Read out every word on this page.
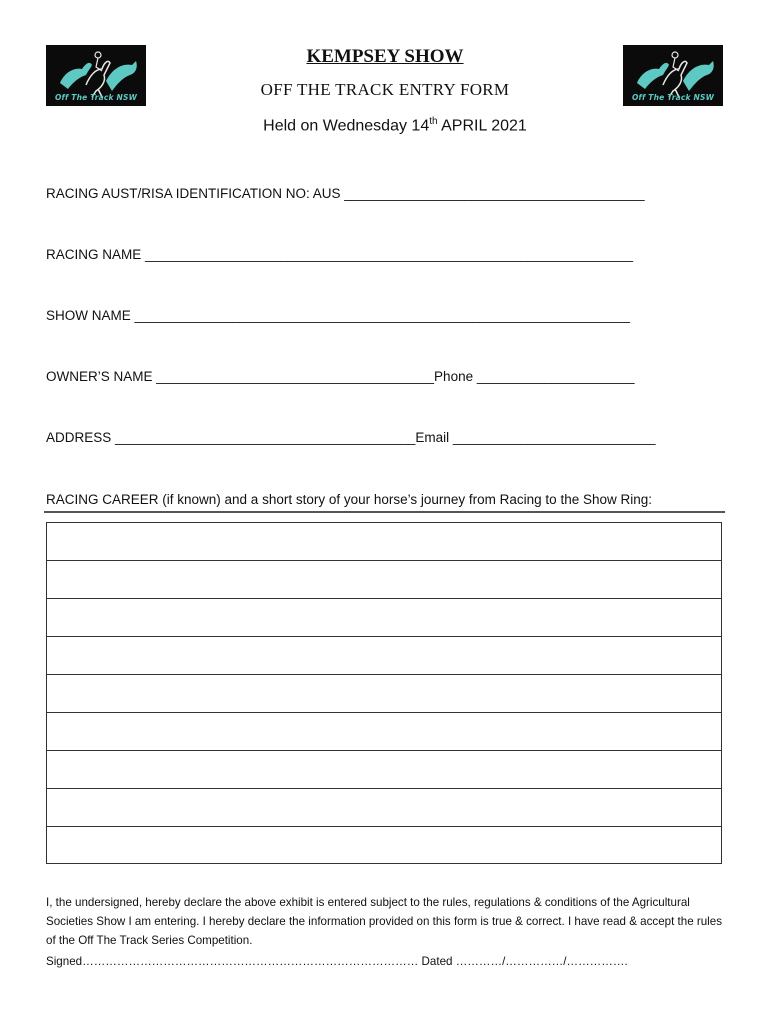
Off The Track NSW	Off The Track NSW
KEMPSEY SHOW
OFF THE TRACK ENTRY FORM
Held on Wednesday 14th APRIL 2021
RACING AUST/RISA IDENTIFICATION NO: AUS ________________________________________
RACING NAME _________________________________________________________________
SHOW NAME __________________________________________________________________
OWNER’S NAME _____________________________________Phone _____________________
ADDRESS ________________________________________Email ___________________________
RACING CAREER (if known) and a short story of your horse’s journey from Racing to the Show Ring:
I, the undersigned, hereby declare the above exhibit is entered subject to the rules, regulations & conditions of the Agricultural Societies Show I am entering. I hereby declare the information provided on this form is true & correct. I have read & accept the rules of the Off The Track Series Competition.
Signed…………………………………………………………………………… Dated …………/……………/…………….
